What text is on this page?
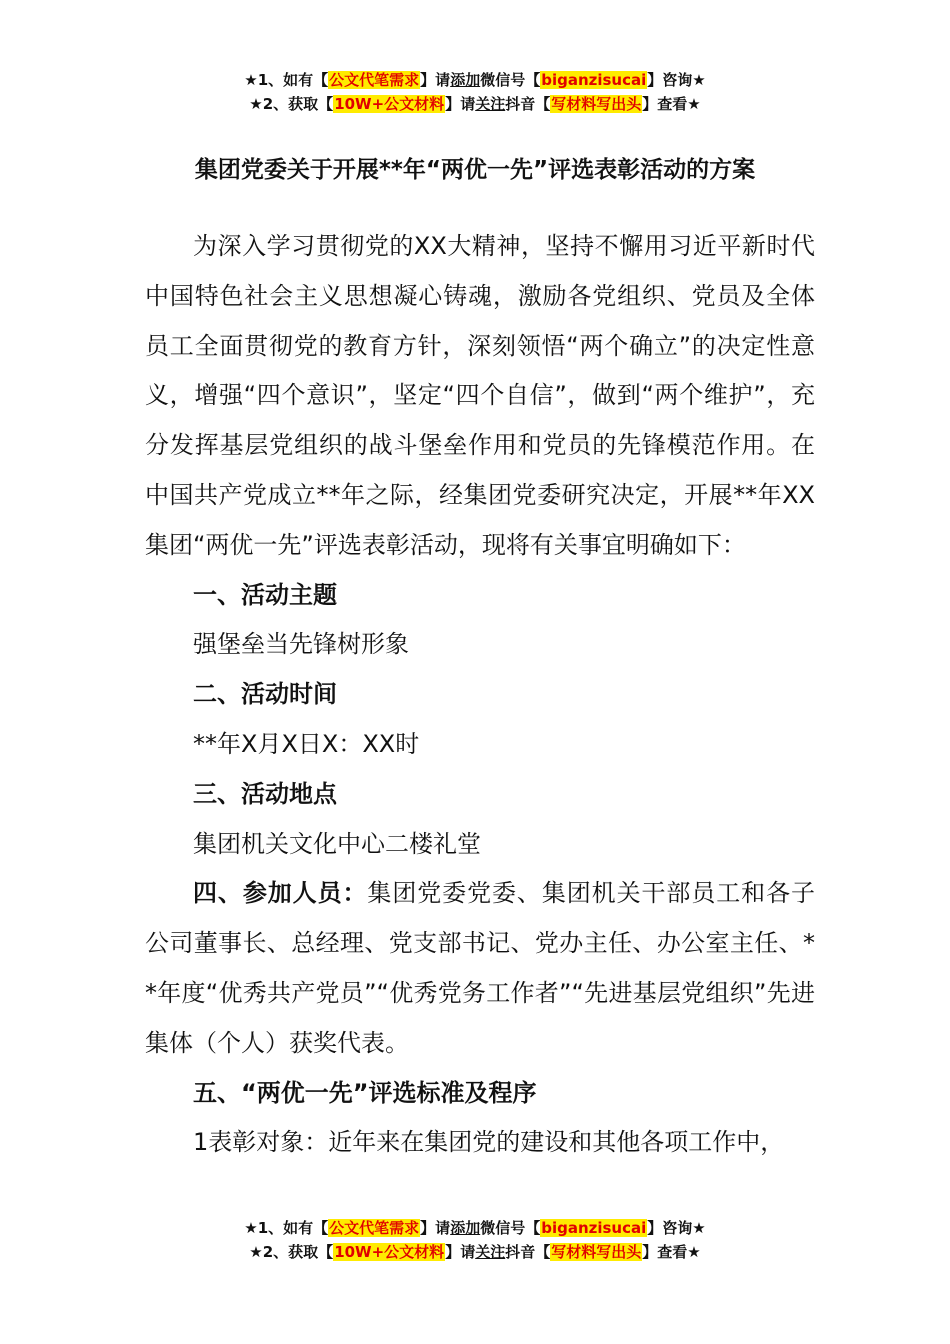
★1、如有【公文代笔需求】请添加微信号【biganzisucai】咨询★
★2、获取【10W+公文材料】请关注抖音【写材料写出头】查看★
集团党委关于开展**年“两优一先”评选表彰活动的方案

为深入学习贯彻党的XX大精神，坚持不懈用习近平新时代中国特色社会主义思想凝心铸魂，激励各党组织、党员及全体员工全面贯彻党的教育方针，深刻领悟“两个确立”的决定性意义，增强“四个意识”，坚定“四个自信”，做到“两个维护”，充分发挥基层党组织的战斗堡垒作用和党员的先锋模范作用。在中国共产党成立**年之际，经集团党委研究决定，开展**年XX集团“两优一先”评选表彰活动，现将有关事宜明确如下：

一、活动主题

强堡垒当先锋树形象

二、活动时间

**年X月X日X：XX时

三、活动地点

集团机关文化中心二楼礼堂

四、参加人员：集团党委党委、集团机关干部员工和各子公司董事长、总经理、党支部书记、党办主任、办公室主任、**年度“优秀共产党员”“优秀党务工作者”“先进基层党组织”先进集体（个人）获奖代表。

五、“两优一先”评选标准及程序

1表彰对象：近年来在集团党的建设和其他各项工作中，

★1、如有【公文代笔需求】请添加微信号【biganzisucai】咨询★
★2、获取【10W+公文材料】请关注抖音【写材料写出头】查看★
